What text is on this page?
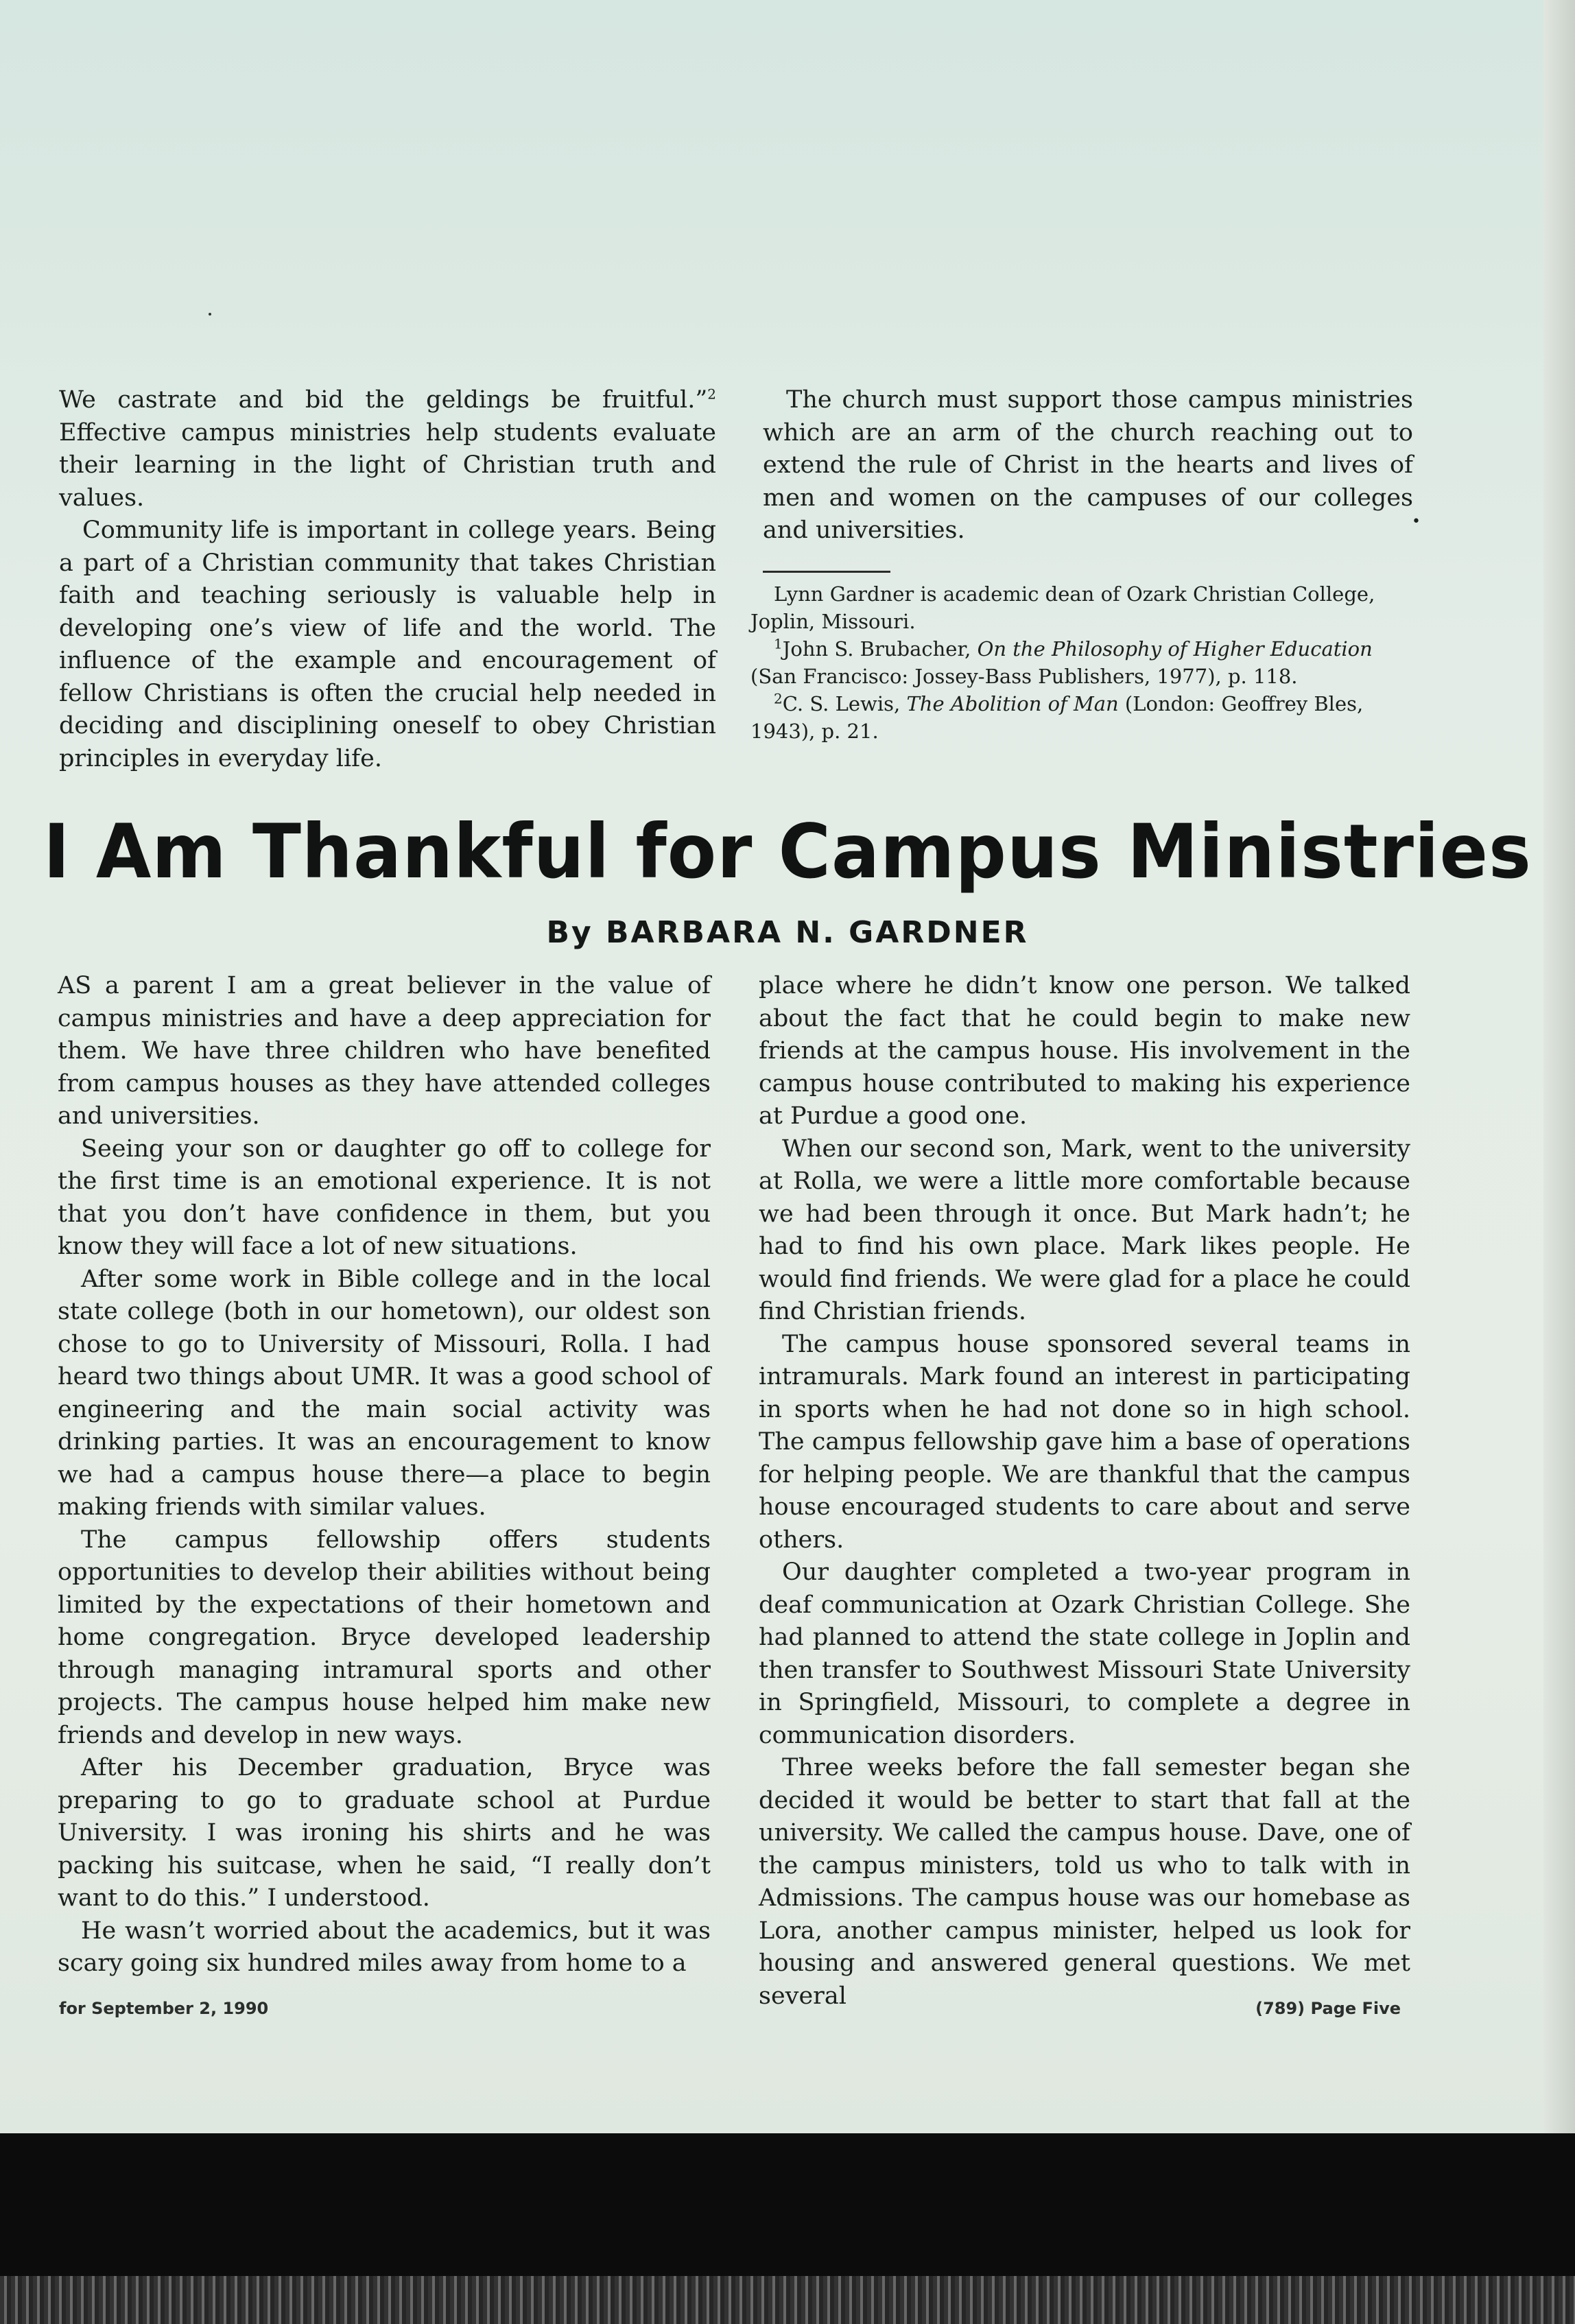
We castrate and bid the geldings be fruitful.”$^2$ Effective campus ministries help students evaluate their learning in the light of Christian truth and values.

Community life is important in college years. Being a part of a Christian community that takes Christian faith and teaching seriously is valuable help in developing one’s view of life and the world. The influence of the example and encouragement of fellow Christians is often the crucial help needed in deciding and disciplining oneself to obey Christian principles in everyday life.

The church must support those campus ministries which are an arm of the church reaching out to extend the rule of Christ in the hearts and lives of men and women on the campuses of our colleges and universities.	•

Lynn Gardner is academic dean of Ozark Christian College, Joplin, Missouri.

$^1$John S. Brubacher, On the Philosophy of Higher Education (San Francisco: Jossey-Bass Publishers, 1977), p. 118.

$^2$C. S. Lewis, The Abolition of Man (London: Geoffrey Bles, 1943), p. 21.

I Am Thankful for Campus Ministries
By BARBARA N. GARDNER

AS a parent I am a great believer in the value of campus ministries and have a deep appreciation for them. We have three children who have benefited from campus houses as they have attended colleges and universities.

Seeing your son or daughter go off to college for the first time is an emotional experience. It is not that you don’t have confidence in them, but you know they will face a lot of new situations.

After some work in Bible college and in the local state college (both in our hometown), our oldest son chose to go to University of Missouri, Rolla. I had heard two things about UMR. It was a good school of engineering and the main social activity was drinking parties. It was an encouragement to know we had a campus house there—a place to begin making friends with similar values.

The campus fellowship offers students opportunities to develop their abilities without being limited by the expectations of their hometown and home congregation. Bryce developed leadership through managing intramural sports and other projects. The campus house helped him make new friends and develop in new ways.

After his December graduation, Bryce was preparing to go to graduate school at Purdue University. I was ironing his shirts and he was packing his suitcase, when he said, “I really don’t want to do this.” I understood.

He wasn’t worried about the academics, but it was scary going six hundred miles away from home to a

place where he didn’t know one person. We talked about the fact that he could begin to make new friends at the campus house. His involvement in the campus house contributed to making his experience at Purdue a good one.

When our second son, Mark, went to the university at Rolla, we were a little more comfortable because we had been through it once. But Mark hadn’t; he had to find his own place. Mark likes people. He would find friends. We were glad for a place he could find Christian friends.

The campus house sponsored several teams in intramurals. Mark found an interest in participating in sports when he had not done so in high school. The campus fellowship gave him a base of operations for helping people. We are thankful that the campus house encouraged students to care about and serve others.

Our daughter completed a two-year program in deaf communication at Ozark Christian College. She had planned to attend the state college in Joplin and then transfer to Southwest Missouri State University in Springfield, Missouri, to complete a degree in communication disorders.

Three weeks before the fall semester began she decided it would be better to start that fall at the university. We called the campus house. Dave, one of the campus ministers, told us who to talk with in Admissions. The campus house was our homebase as Lora, another campus minister, helped us look for housing and answered general questions. We met several

for September 2, 1990	(789) Page Five
